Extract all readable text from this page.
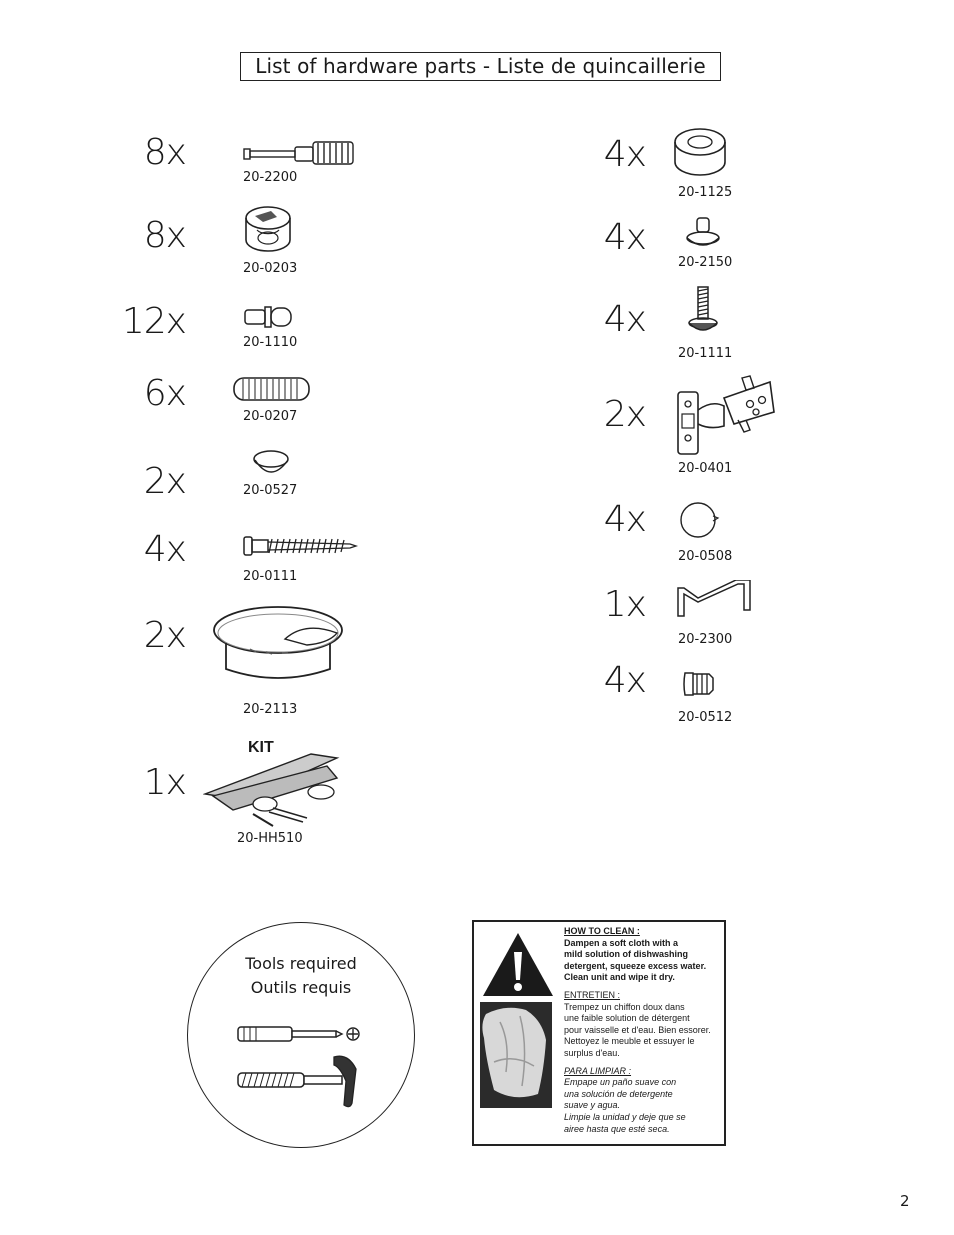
List of hardware parts - Liste de quincaillerie
8x
20-2200
8x
20-0203
12x
20-1110
6x
20-0207
2x	20-0527
4x
20-0111
2x
20-2113
KIT
1x
20-HH510
4x
20-1125
4x
20-2150
4x
20-1111
2x
20-0401
4x
20-0508
1x
20-2300
4x
20-0512
Tools required
Outils requis
HOW TO CLEAN :
Dampen a soft cloth with a
mild solution of dishwashing
detergent, squeeze excess water.
Clean unit and wipe it dry.
ENTRETIEN :
Trempez un chiffon doux dans
une faible solution de détergent
pour vaisselle et d'eau. Bien essorer.
Nettoyez le meuble et essuyer le
surplus d'eau.
PARA LIMPIAR :
Empape un paño suave con
una solución de detergente
suave y agua.
Limpie la unidad y deje que se
airee hasta que esté seca.
2
